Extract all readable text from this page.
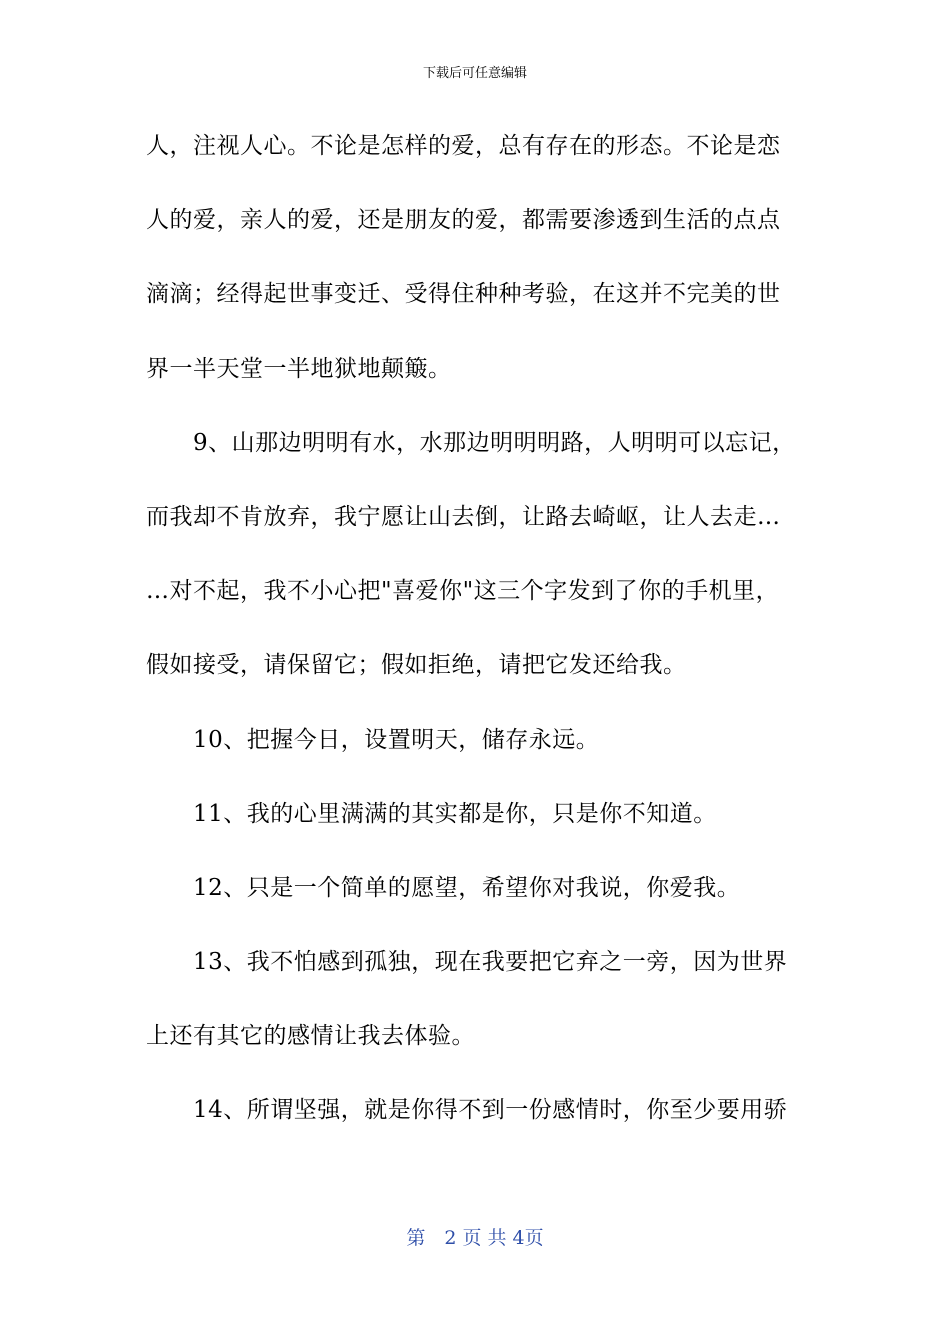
下载后可任意编辑
人，注视人心。不论是怎样的爱，总有存在的形态。不论是恋
人的爱，亲人的爱，还是朋友的爱，都需要渗透到生活的点点
滴滴；经得起世事变迁、受得住种种考验，在这并不完美的世
界一半天堂一半地狱地颠簸。
　　9、山那边明明有水，水那边明明明路，人明明可以忘记，
而我却不肯放弃，我宁愿让山去倒，让路去崎岖，让人去走…
…对不起，我不小心把"喜爱你"这三个字发到了你的手机里，
假如接受，请保留它；假如拒绝，请把它发还给我。
　　10、把握今日，设置明天，储存永远。
　　11、我的心里满满的其实都是你，只是你不知道。
　　12、只是一个简单的愿望，希望你对我说，你爱我。
　　13、我不怕感到孤独，现在我要把它弃之一旁，因为世界
上还有其它的感情让我去体验。
　　14、所谓坚强，就是你得不到一份感情时，你至少要用骄
第　2 页 共 4页
